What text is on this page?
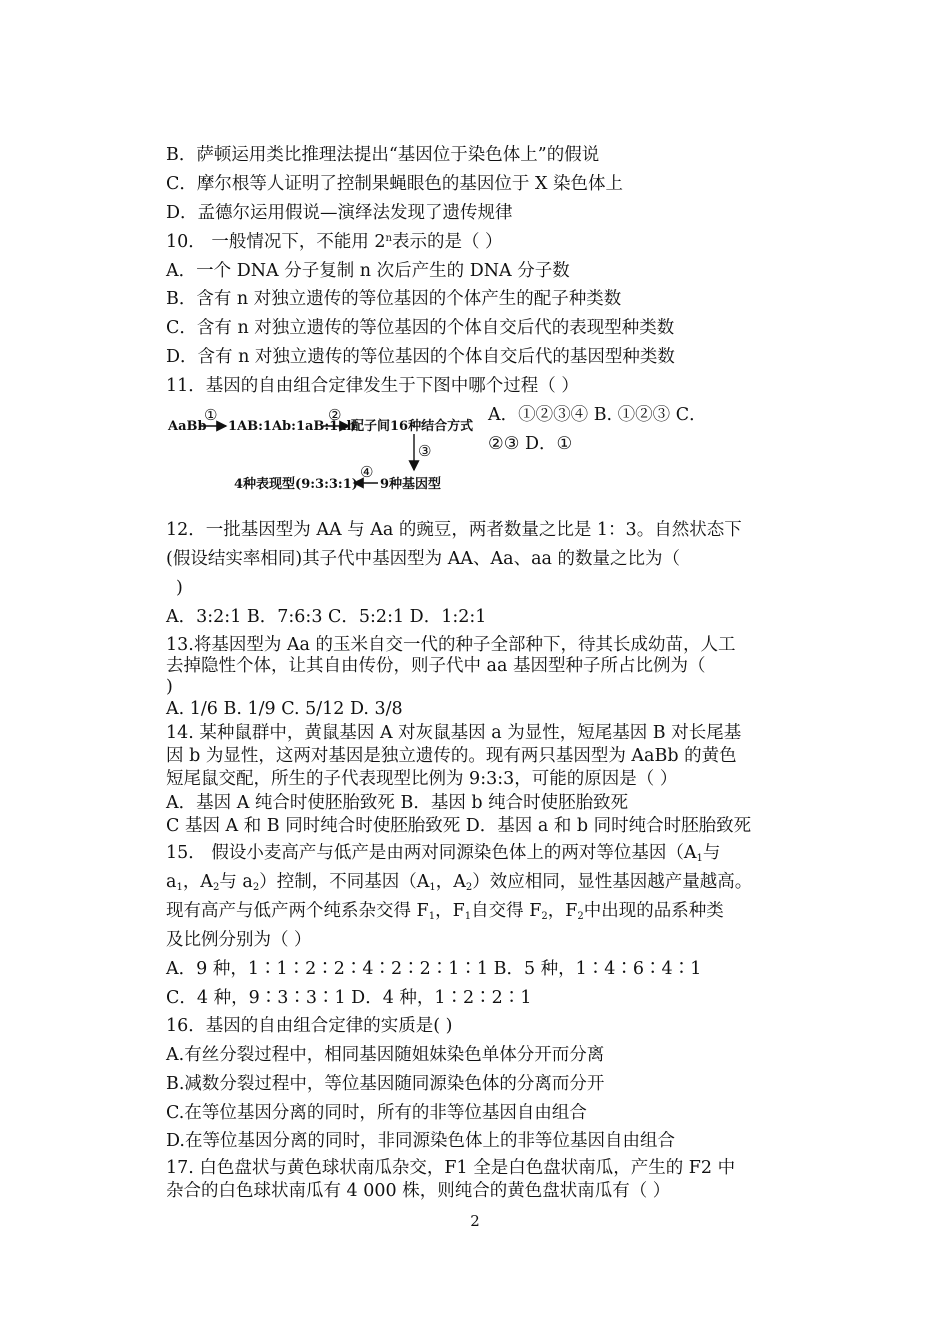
B．萨顿运用类比推理法提出“基因位于染色体上”的假说
C．摩尔根等人证明了控制果蝇眼色的基因位于 X 染色体上
D．孟德尔运用假说—演绎法发现了遗传规律
10． 一般情况下，不能用 2$^n$表示的是（ ）
A．一个 DNA 分子复制 n 次后产生的 DNA 分子数
B．含有 n 对独立遗传的等位基因的个体产生的配子种类数
C．含有 n 对独立遗传的等位基因的个体自交后代的表现型种类数
D．含有 n 对独立遗传的等位基因的个体自交后代的基因型种类数
11．基因的自由组合定律发生于下图中哪个过程（ ）
AaBb
①
1AB:1Ab:1aB:1ab
②
配子间16种结合方式
③
9种基因型
④
4种表现型(9:3:3:1)
A．①②③④ B. ①②③ C．
②③ D．①
12．一批基因型为 AA 与 Aa 的豌豆，两者数量之比是 1：3。自然状态下
(假设结实率相同)其子代中基因型为 AA、Aa、aa 的数量之比为（
)
A．3:2:1 B．7:6:3 C．5:2:1 D．1:2:1
13.将基因型为 Aa 的玉米自交一代的种子全部种下，待其长成幼苗，人工
去掉隐性个体，让其自由传份，则子代中 aa 基因型种子所占比例为（
)
A. 1/6 B. 1/9 C. 5/12 D. 3/8
14. 某种鼠群中，黄鼠基因 A 对灰鼠基因 a 为显性，短尾基因 B 对长尾基
因 b 为显性，这两对基因是独立遗传的。现有两只基因型为 AaBb 的黄色
短尾鼠交配，所生的子代表现型比例为 9:3:3，可能的原因是（ ）
A．基因 A 纯合时使胚胎致死 B．基因 b 纯合时使胚胎致死
C 基因 A 和 B 同时纯合时使胚胎致死 D．基因 a 和 b 同时纯合时胚胎致死
15． 假设小麦高产与低产是由两对同源染色体上的两对等位基因（$A_1$与
$a_1$，$A_2$与 $a_2$）控制，不同基因（$A_1$，$A_2$）效应相同，显性基因越产量越高。
现有高产与低产两个纯系杂交得 $F_1$，$F_1$自交得 $F_2$，$F_2$中出现的品系种类
及比例分别为（ ）
A．9 种，1∶1∶2∶2∶4∶2∶2∶1∶1 B．5 种，1∶4∶6∶4∶1
C．4 种，9∶3∶3∶1 D．4 种，1∶2∶2∶1
16．基因的自由组合定律的实质是( )
A.有丝分裂过程中，相同基因随姐妹染色单体分开而分离
B.减数分裂过程中，等位基因随同源染色体的分离而分开
C.在等位基因分离的同时，所有的非等位基因自由组合
D.在等位基因分离的同时，非同源染色体上的非等位基因自由组合
17. 白色盘状与黄色球状南瓜杂交，F1 全是白色盘状南瓜，产生的 F2 中
杂合的白色球状南瓜有 4 000 株，则纯合的黄色盘状南瓜有（ ）
2
